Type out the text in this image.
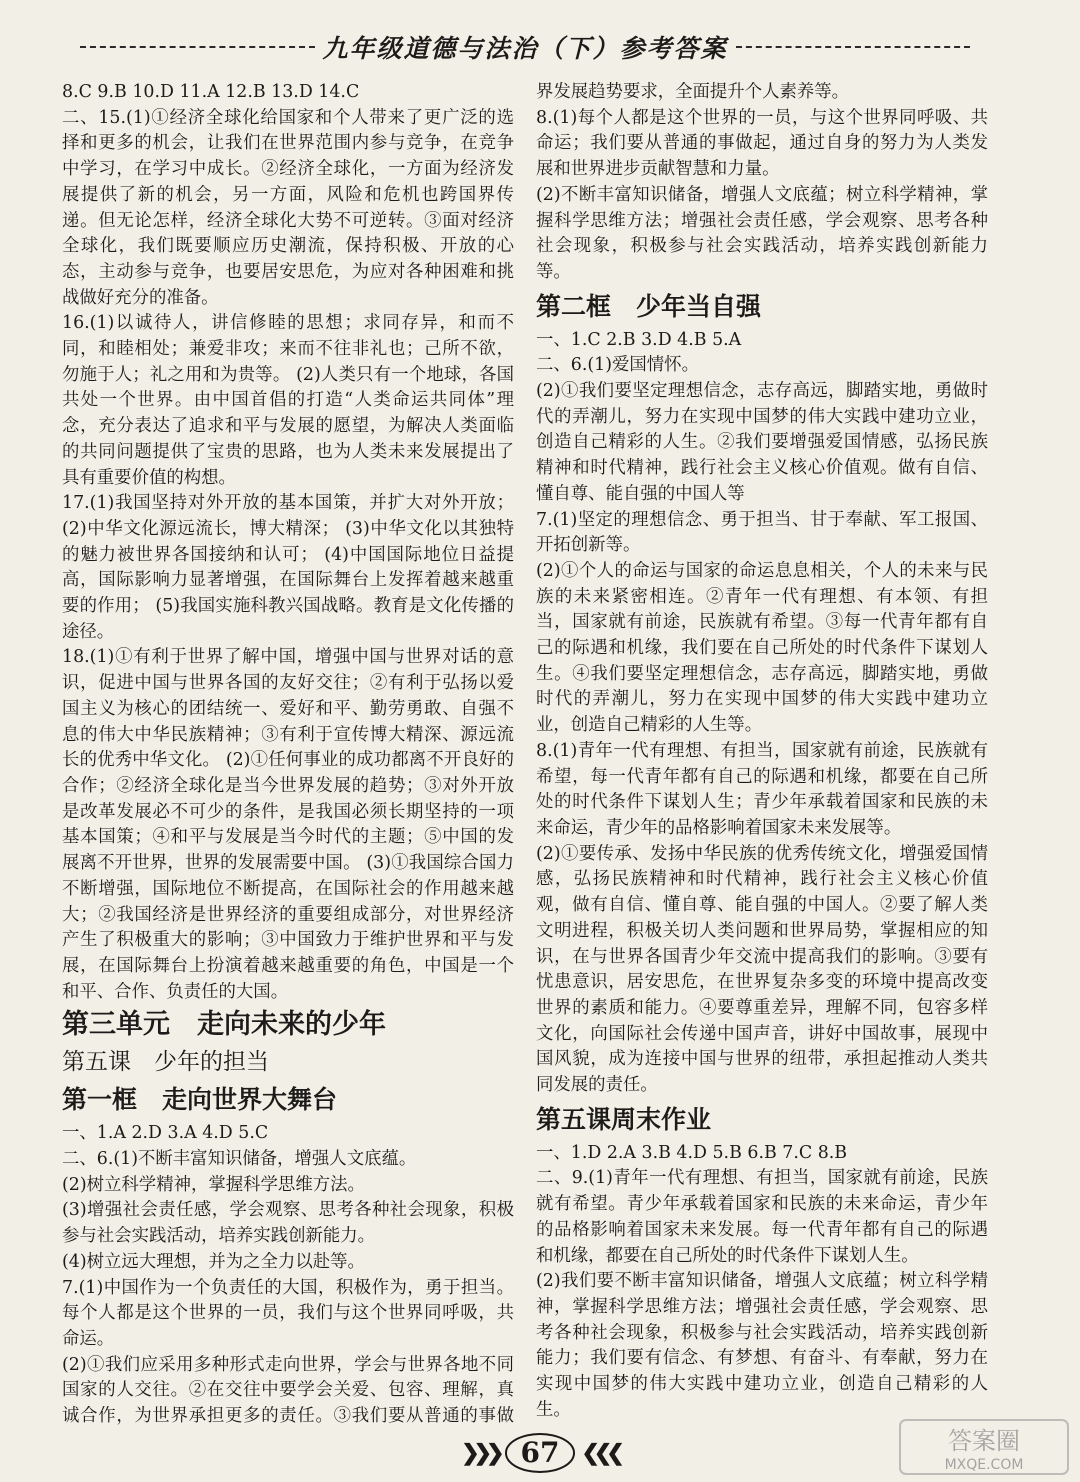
九年级道德与法治（下）参考答案

8.C 9.B 10.D 11.A 12.B 13.D 14.C

二、15.(1)①经济全球化给国家和个人带来了更广泛的选择和更多的机会，让我们在世界范围内参与竞争，在竞争中学习，在学习中成长。②经济全球化，一方面为经济发展提供了新的机会，另一方面，风险和危机也跨国界传递。但无论怎样，经济全球化大势不可逆转。③面对经济全球化，我们既要顺应历史潮流，保持积极、开放的心态，主动参与竞争，也要居安思危，为应对各种困难和挑战做好充分的准备。

16.(1)以诚待人，讲信修睦的思想；求同存异，和而不同，和睦相处；兼爱非攻；来而不往非礼也；己所不欲，勿施于人；礼之用和为贵等。 (2)人类只有一个地球，各国共处一个世界。由中国首倡的打造“人类命运共同体”理念，充分表达了追求和平与发展的愿望，为解决人类面临的共同问题提供了宝贵的思路，也为人类未来发展提出了具有重要价值的构想。

17.(1)我国坚持对外开放的基本国策，并扩大对外开放； (2)中华文化源远流长，博大精深； (3)中华文化以其独特的魅力被世界各国接纳和认可； (4)中国国际地位日益提高，国际影响力显著增强，在国际舞台上发挥着越来越重要的作用； (5)我国实施科教兴国战略。教育是文化传播的途径。

18.(1)①有利于世界了解中国，增强中国与世界对话的意识，促进中国与世界各国的友好交往；②有利于弘扬以爱国主义为核心的团结统一、爱好和平、勤劳勇敢、自强不息的伟大中华民族精神；③有利于宣传博大精深、源远流长的优秀中华文化。 (2)①任何事业的成功都离不开良好的合作；②经济全球化是当今世界发展的趋势；③对外开放是改革发展必不可少的条件，是我国必须长期坚持的一项基本国策；④和平与发展是当今时代的主题；⑤中国的发展离不开世界，世界的发展需要中国。 (3)①我国综合国力不断增强，国际地位不断提高，在国际社会的作用越来越大；②我国经济是世界经济的重要组成部分，对世界经济产生了积极重大的影响；③中国致力于维护世界和平与发展，在国际舞台上扮演着越来越重要的角色，中国是一个和平、合作、负责任的大国。

第三单元　走向未来的少年

第五课　少年的担当

第一框　走向世界大舞台

一、1.A 2.D 3.A 4.D 5.C

二、6.(1)不断丰富知识储备，增强人文底蕴。

(2)树立科学精神，掌握科学思维方法。

(3)增强社会责任感，学会观察、思考各种社会现象，积极参与社会实践活动，培养实践创新能力。

(4)树立远大理想，并为之全力以赴等。

7.(1)中国作为一个负责任的大国，积极作为，勇于担当。每个人都是这个世界的一员，我们与这个世界同呼吸，共命运。

(2)①我们应采用多种形式走向世界，学会与世界各地不同国家的人交往。②在交往中要学会关爱、包容、理解，真诚合作，为世界承担更多的责任。③我们要从普通的事做

界发展趋势要求，全面提升个人素养等。

8.(1)每个人都是这个世界的一员，与这个世界同呼吸、共命运；我们要从普通的事做起，通过自身的努力为人类发展和世界进步贡献智慧和力量。

(2)不断丰富知识储备，增强人文底蕴；树立科学精神，掌握科学思维方法；增强社会责任感，学会观察、思考各种社会现象，积极参与社会实践活动，培养实践创新能力等。

第二框　少年当自强

一、1.C 2.B 3.D 4.B 5.A

二、6.(1)爱国情怀。

(2)①我们要坚定理想信念，志存高远，脚踏实地，勇做时代的弄潮儿，努力在实现中国梦的伟大实践中建功立业，创造自己精彩的人生。②我们要增强爱国情感，弘扬民族精神和时代精神，践行社会主义核心价值观。做有自信、懂自尊、能自强的中国人等

7.(1)坚定的理想信念、勇于担当、甘于奉献、军工报国、开拓创新等。

(2)①个人的命运与国家的命运息息相关，个人的未来与民族的未来紧密相连。②青年一代有理想、有本领、有担当，国家就有前途，民族就有希望。③每一代青年都有自己的际遇和机缘，我们要在自己所处的时代条件下谋划人生。④我们要坚定理想信念，志存高远，脚踏实地，勇做时代的弄潮儿，努力在实现中国梦的伟大实践中建功立业，创造自己精彩的人生等。

8.(1)青年一代有理想、有担当，国家就有前途，民族就有希望，每一代青年都有自己的际遇和机缘，都要在自己所处的时代条件下谋划人生；青少年承载着国家和民族的未来命运，青少年的品格影响着国家未来发展等。

(2)①要传承、发扬中华民族的优秀传统文化，增强爱国情感，弘扬民族精神和时代精神，践行社会主义核心价值观，做有自信、懂自尊、能自强的中国人。②要了解人类文明进程，积极关切人类问题和世界局势，掌握相应的知识，在与世界各国青少年交流中提高我们的影响。③要有忧患意识，居安思危，在世界复杂多变的环境中提高改变世界的素质和能力。④要尊重差异，理解不同，包容多样文化，向国际社会传递中国声音，讲好中国故事，展现中国风貌，成为连接中国与世界的纽带，承担起推动人类共同发展的责任。

第五课周末作业

一、1.D 2.A 3.B 4.D 5.B 6.B 7.C 8.B

二、9.(1)青年一代有理想、有担当，国家就有前途，民族就有希望。青少年承载着国家和民族的未来命运，青少年的品格影响着国家未来发展。每一代青年都有自己的际遇和机缘，都要在自己所处的时代条件下谋划人生。

(2)我们要不断丰富知识储备，增强人文底蕴；树立科学精神，掌握科学思维方法；增强社会责任感，学会观察、思考各种社会现象，积极参与社会实践活动，培养实践创新能力；我们要有信念、有梦想、有奋斗、有奉献，努力在实现中国梦的伟大实践中建功立业，创造自己精彩的人生。

❯❯❯ 67	❮❮❮	答案圈
MXQE.COM
